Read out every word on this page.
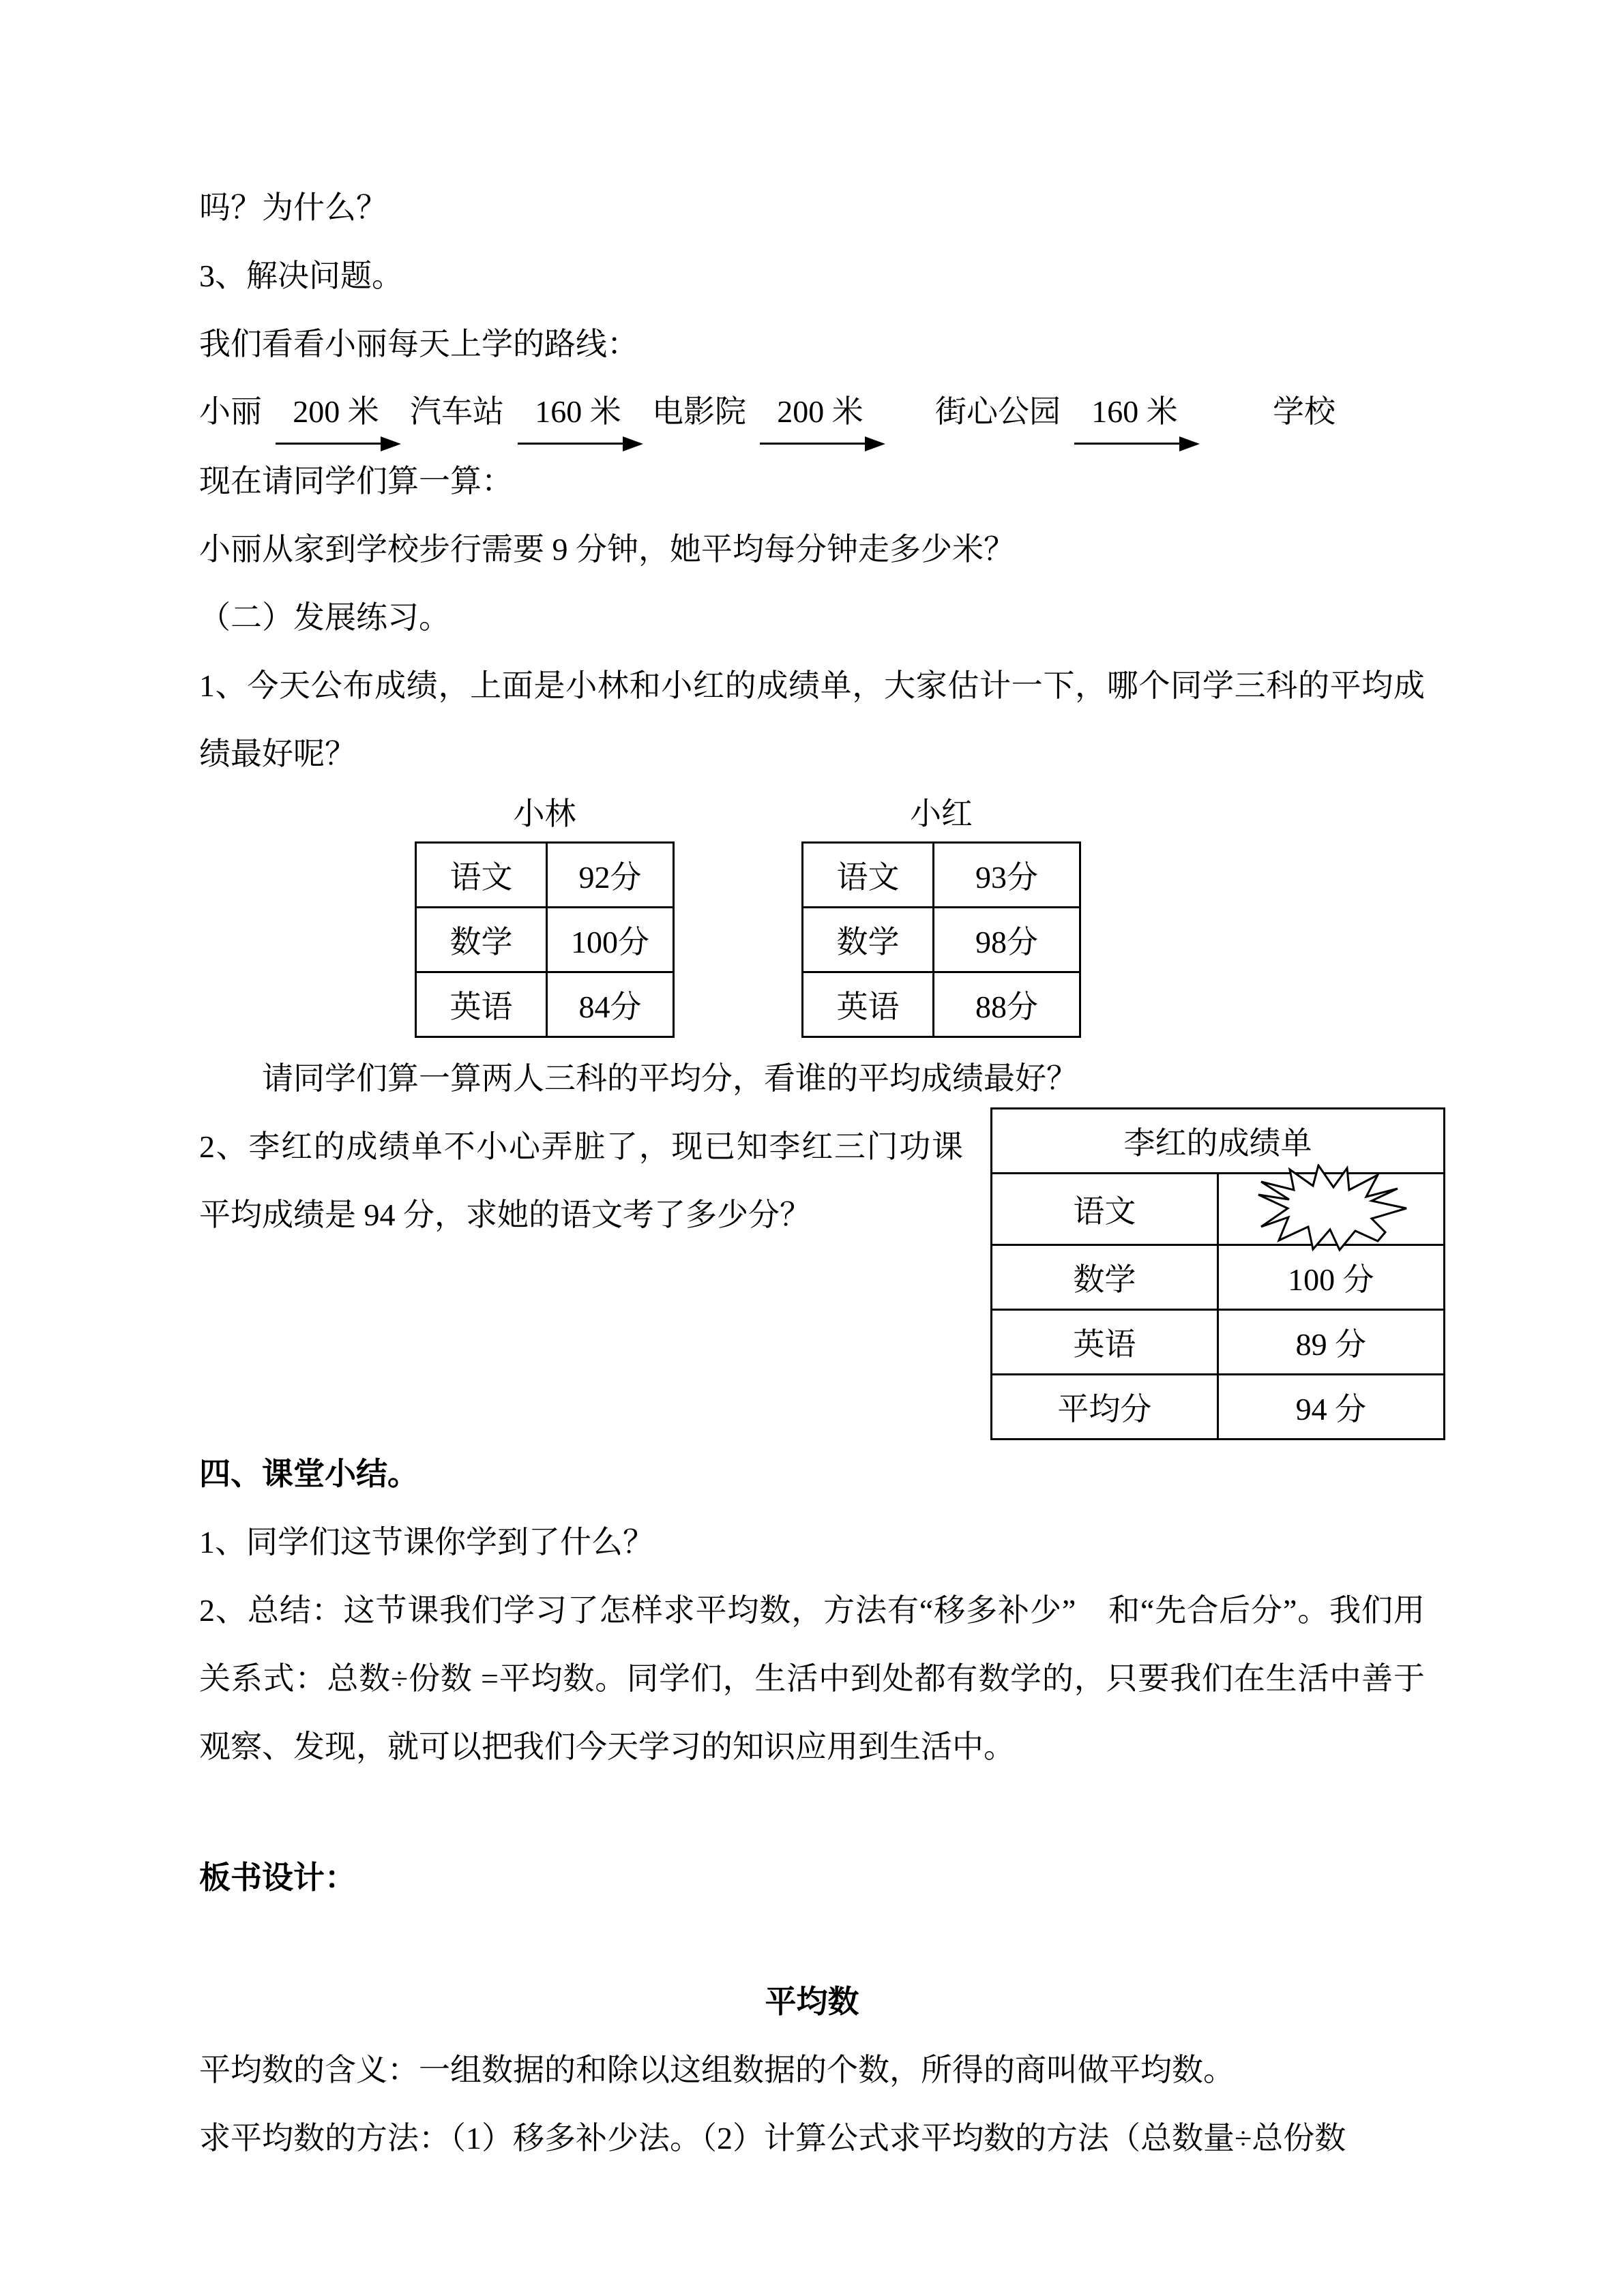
吗？为什么？

3、解决问题。

我们看看小丽每天上学的路线：

小丽 200 米 汽车站 160 米 电影院 200 米 街心公园 160 米	学校

现在请同学们算一算：

小丽从家到学校步行需要 9 分钟，她平均每分钟走多少米？

（二）发展练习。

1、今天公布成绩，上面是小林和小红的成绩单，大家估计一下，哪个同学三科的平均成绩最好呢？

小林
语文	92分
数学	100分
英语	84分
小红
语文	93分
数学	98分
英语	88分

请同学们算一算两人三科的平均分，看谁的平均成绩最好？

李红的成绩单	
语文	

数学	100 分
英语	89 分
平均分	94 分

2、李红的成绩单不小心弄脏了，现已知李红三门功课平均成绩是 94 分，求她的语文考了多少分？

四、课堂小结。

1、同学们这节课你学到了什么？

2、总结：这节课我们学习了怎样求平均数，方法有“移多补少”　和“先合后分”。我们用关系式：总数÷份数 =平均数。同学们，生活中到处都有数学的，只要我们在生活中善于观察、发现，就可以把我们今天学习的知识应用到生活中。

板书设计：

平均数

平均数的含义：一组数据的和除以这组数据的个数，所得的商叫做平均数。

求平均数的方法：（1）移多补少法。（2）计算公式求平均数的方法（总数量÷总份数
